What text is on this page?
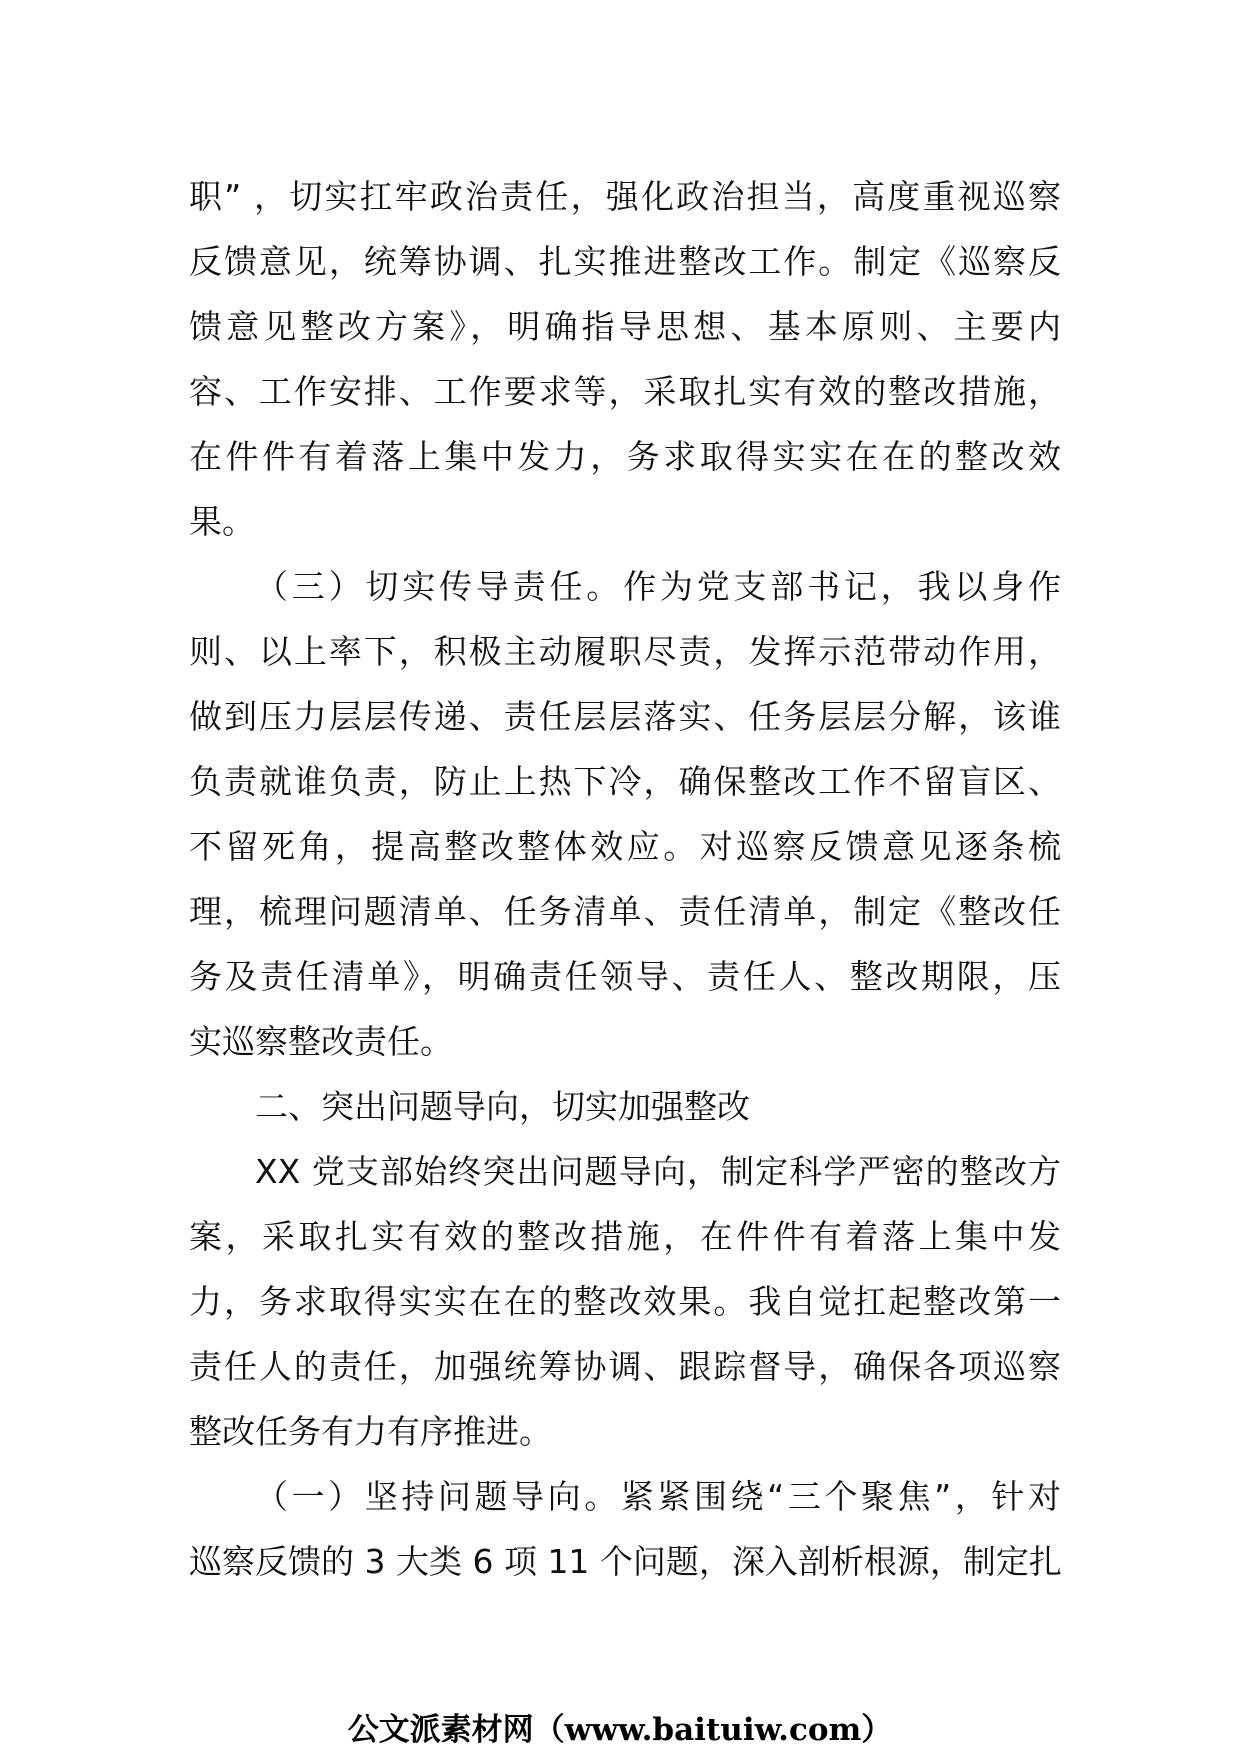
职” ，切实扛牢政治责任，强化政治担当，高度重视巡察
反馈意见，统筹协调、扎实推进整改工作。制定《巡察反
馈意见整改方案》，明确指导思想、基本原则、主要内
容、工作安排、工作要求等，采取扎实有效的整改措施，
在件件有着落上集中发力，务求取得实实在在的整改效
果。
（三）切实传导责任。作为党支部书记，我以身作
则、以上率下，积极主动履职尽责，发挥示范带动作用，
做到压力层层传递、责任层层落实、任务层层分解，该谁
负责就谁负责，防止上热下冷，确保整改工作不留盲区、
不留死角，提高整改整体效应。对巡察反馈意见逐条梳
理，梳理问题清单、任务清单、责任清单，制定《整改任
务及责任清单》，明确责任领导、责任人、整改期限，压
实巡察整改责任。
二、突出问题导向，切实加强整改
XX 党支部始终突出问题导向，制定科学严密的整改方
案，采取扎实有效的整改措施，在件件有着落上集中发
力，务求取得实实在在的整改效果。我自觉扛起整改第一
责任人的责任，加强统筹协调、跟踪督导，确保各项巡察
整改任务有力有序推进。
（一）坚持问题导向。紧紧围绕“三个聚焦”，针对
巡察反馈的 3 大类 6 项 11 个问题，深入剖析根源，制定扎
公文派素材网（www.baituiw.com）
